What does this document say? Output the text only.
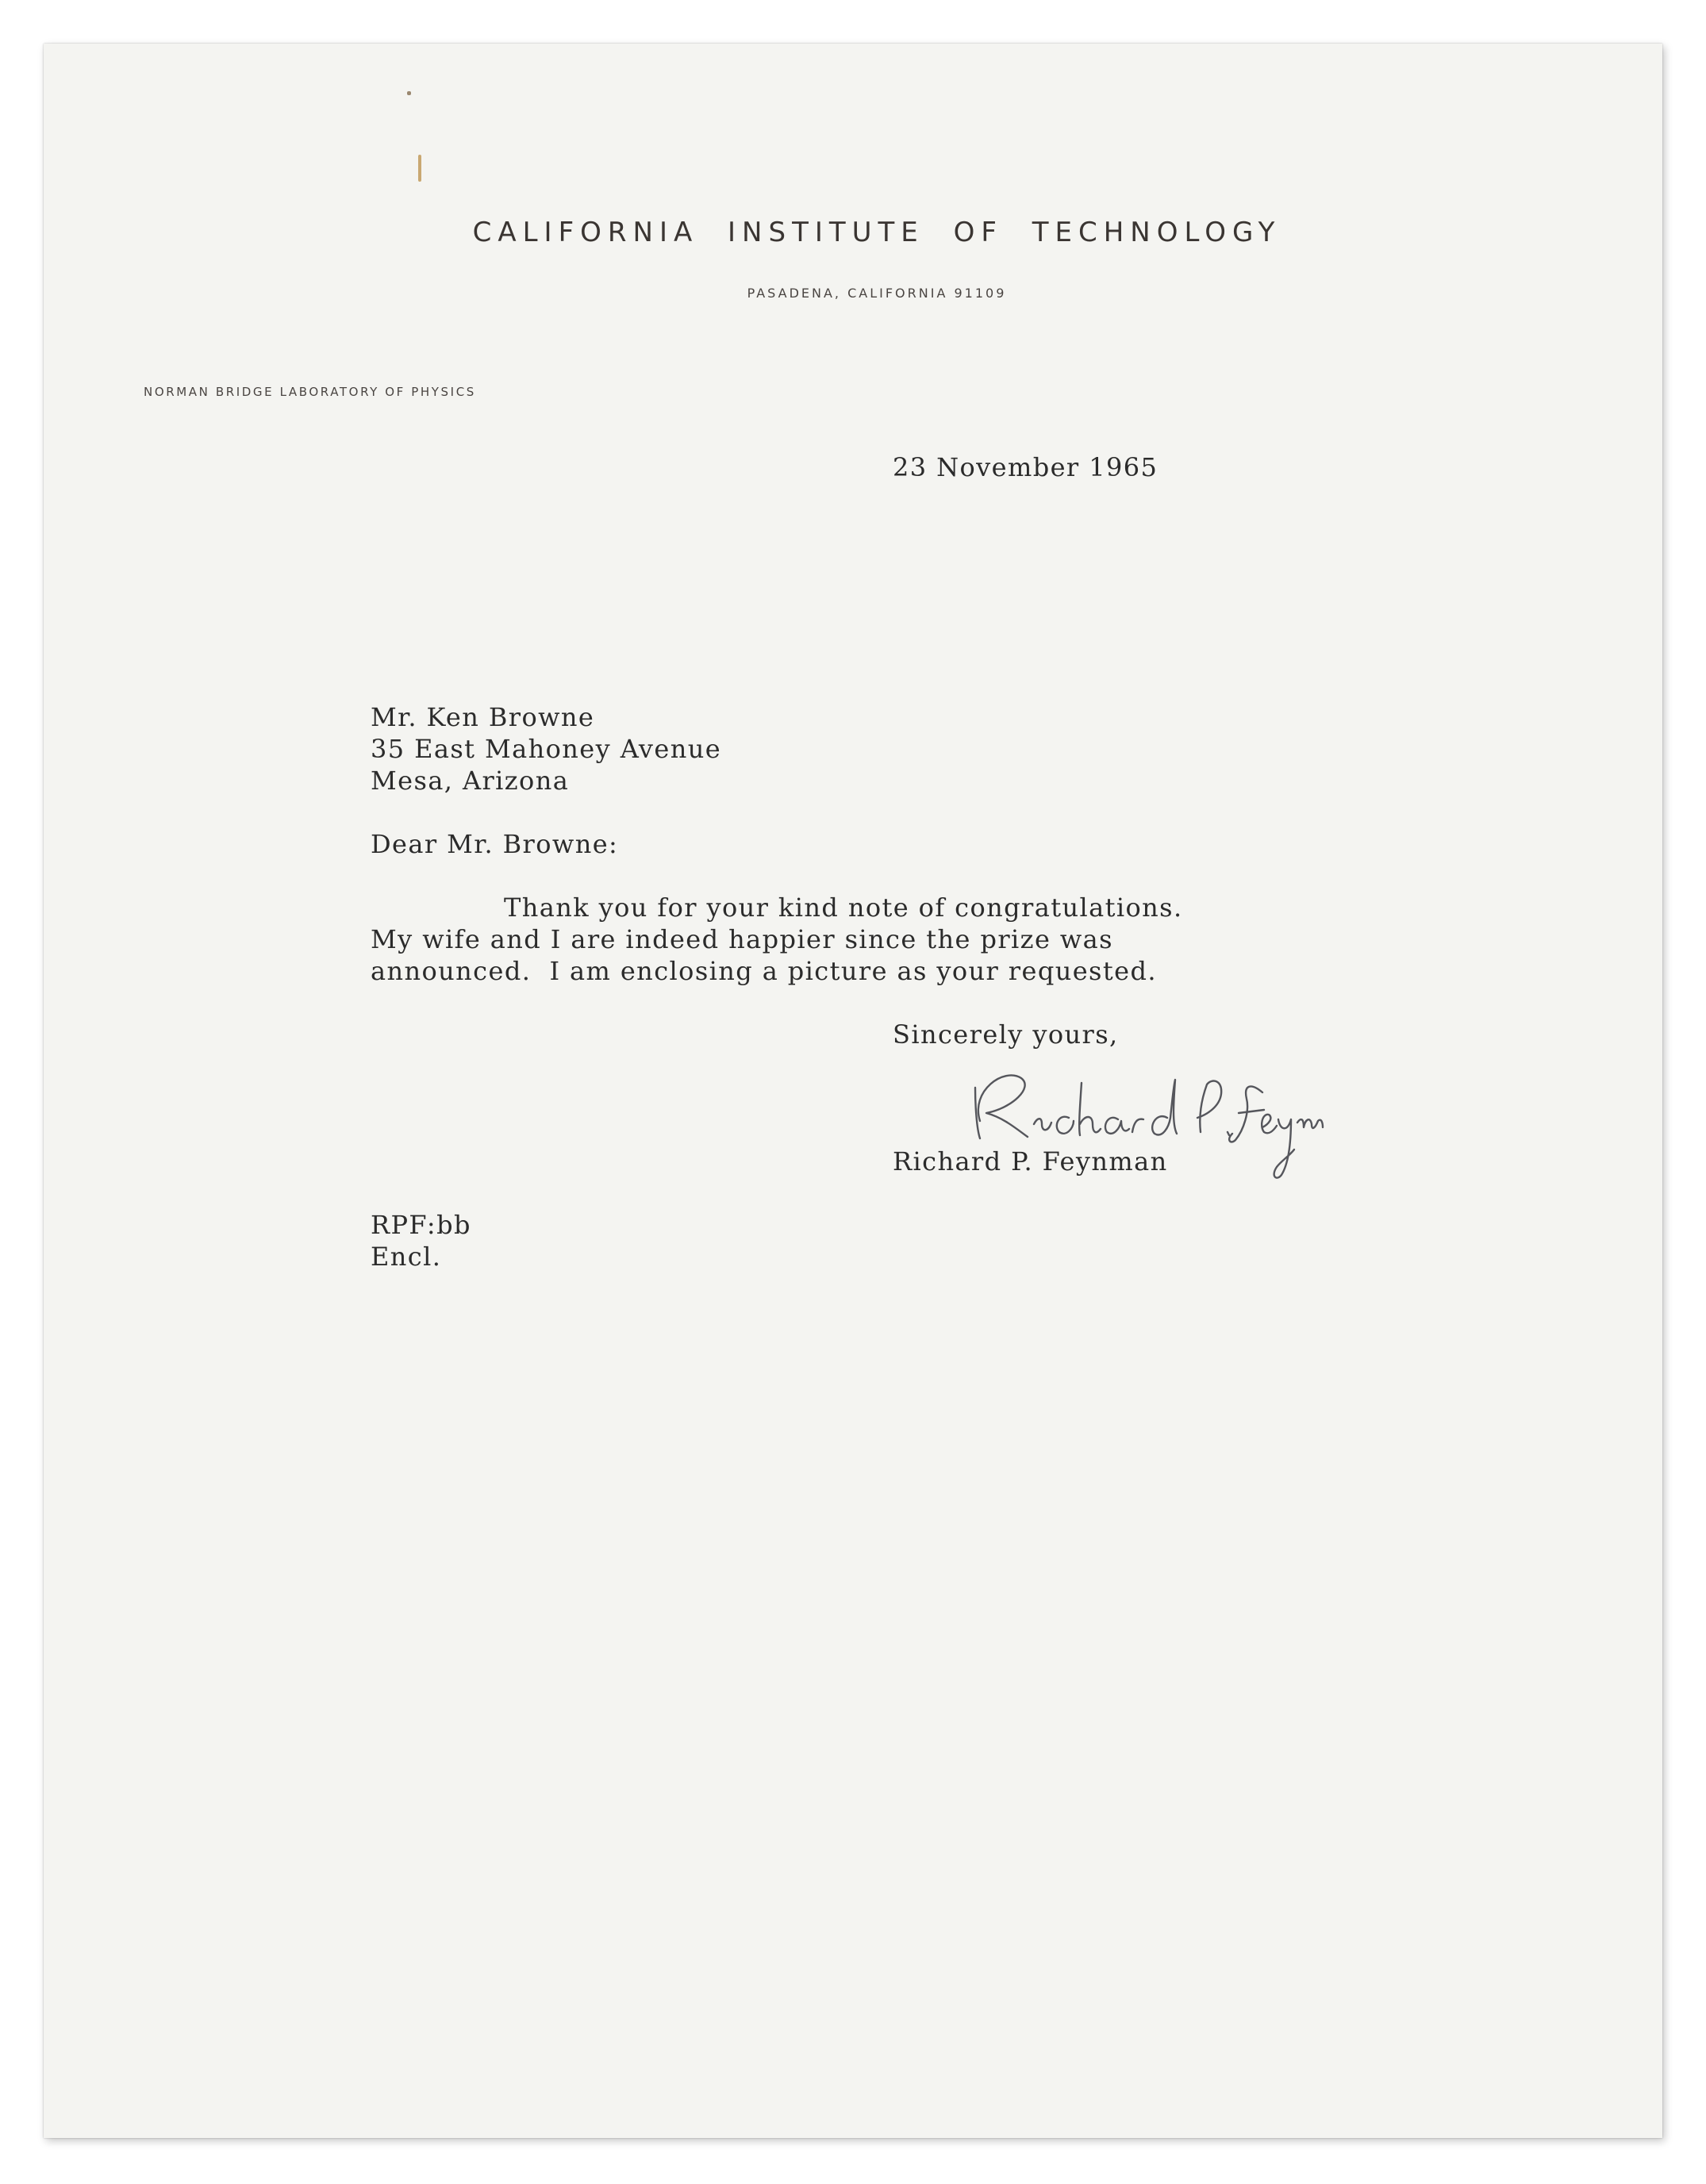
CALIFORNIA INSTITUTE OF TECHNOLOGY
PASADENA, CALIFORNIA 91109
NORMAN BRIDGE LABORATORY OF PHYSICS
23 November 1965
Mr. Ken Browne
35 East Mahoney Avenue
Mesa, Arizona
Dear Mr. Browne:
Thank you for your kind note of congratulations.
My wife and I are indeed happier since the prize was
announced.  I am enclosing a picture as your requested.
Sincerely yours,
Richard P. Feynman
RPF:bb
Encl.
